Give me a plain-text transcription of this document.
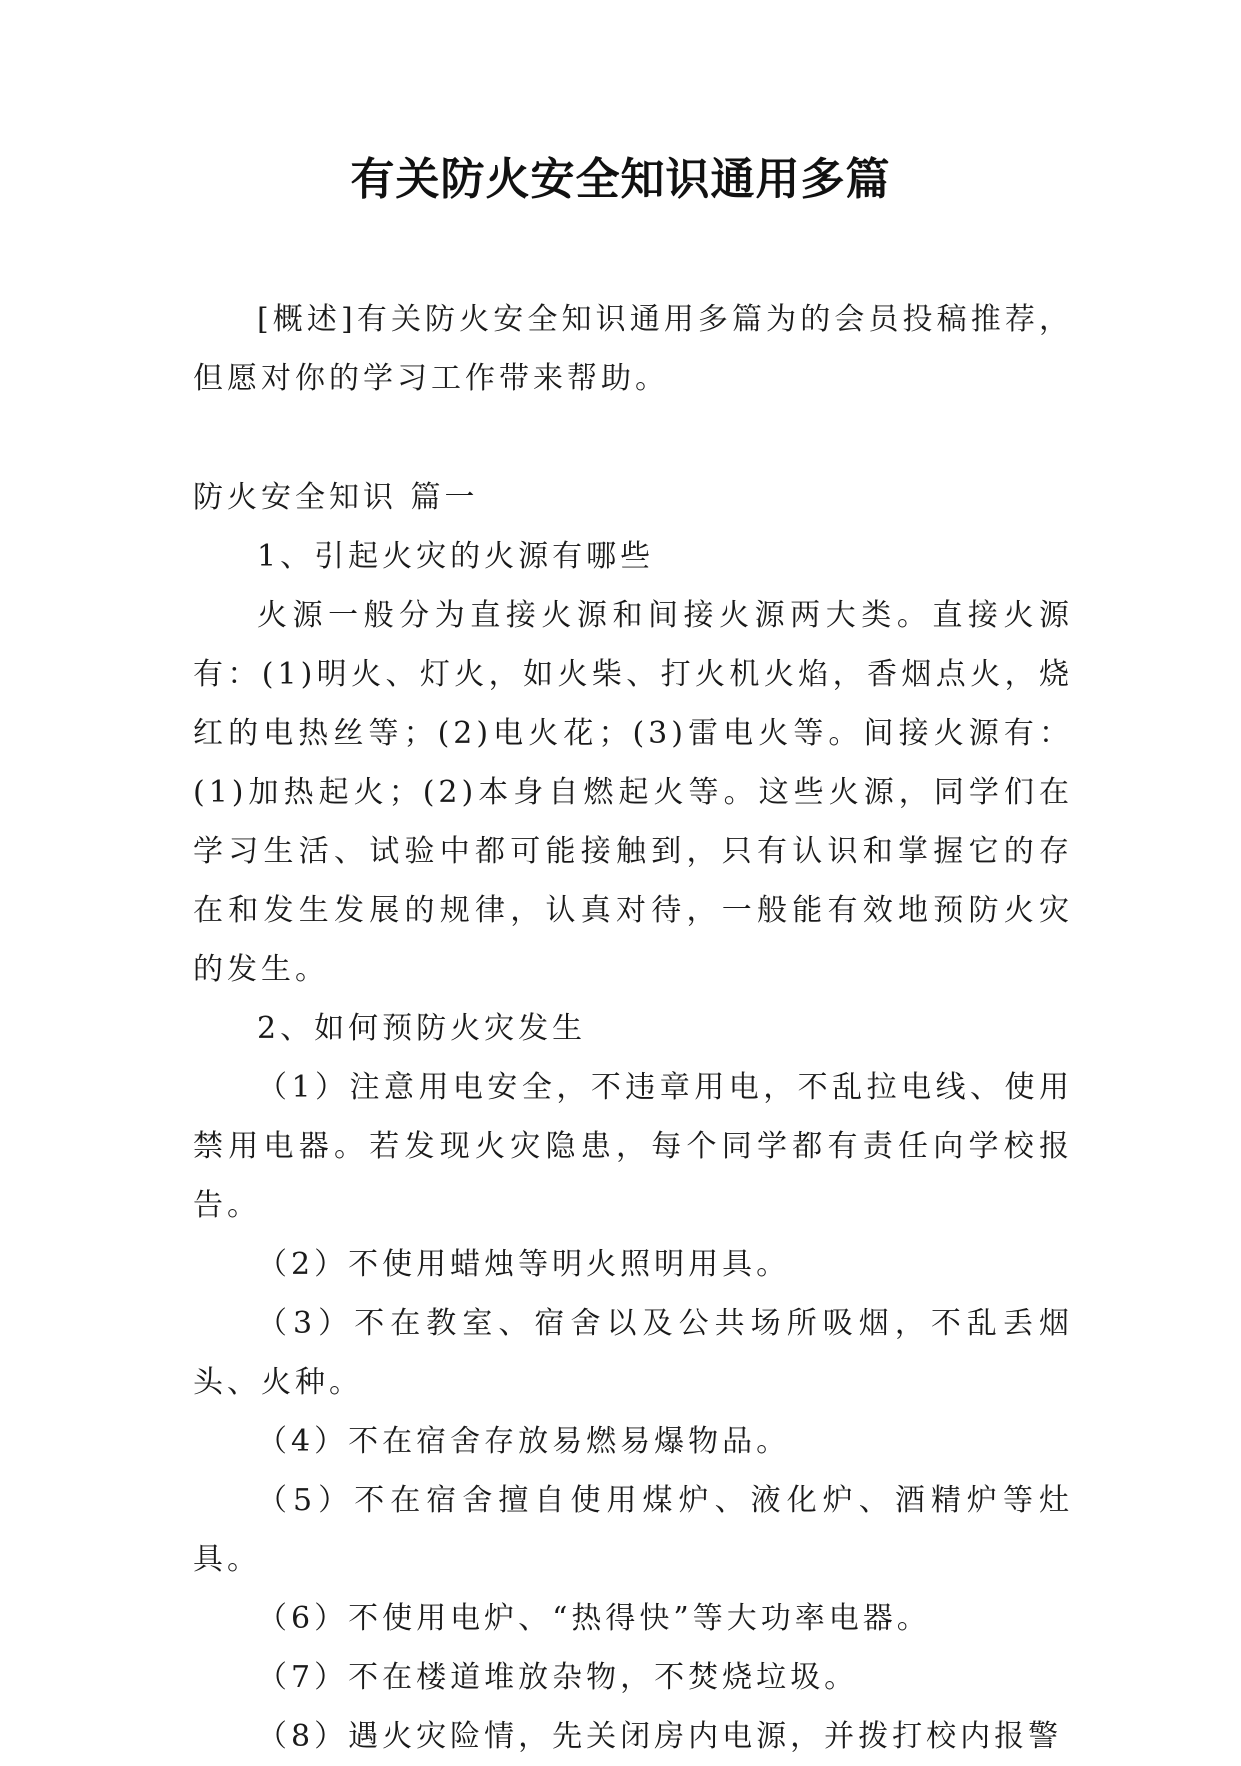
有关防火安全知识通用多篇

[概述]有关防火安全知识通用多篇为的会员投稿推荐，但愿对你的学习工作带来帮助。

防火安全知识 篇一

1、引起火灾的火源有哪些

火源一般分为直接火源和间接火源两大类。直接火源有：(1)明火、灯火，如火柴、打火机火焰，香烟点火，烧红的电热丝等；(2)电火花；(3)雷电火等。间接火源有：(1)加热起火；(2)本身自燃起火等。这些火源，同学们在学习生活、试验中都可能接触到，只有认识和掌握它的存在和发生发展的规律，认真对待，一般能有效地预防火灾的发生。

2、如何预防火灾发生

（1）注意用电安全，不违章用电，不乱拉电线、使用禁用电器。若发现火灾隐患，每个同学都有责任向学校报告。

（2）不使用蜡烛等明火照明用具。

（3）不在教室、宿舍以及公共场所吸烟，不乱丢烟头、火种。

（4）不在宿舍存放易燃易爆物品。

（5）不在宿舍擅自使用煤炉、液化炉、酒精炉等灶具。

（6）不使用电炉、“热得快”等大功率电器。

（7）不在楼道堆放杂物，不焚烧垃圾。

（8）遇火灾险情，先关闭房内电源，并拨打校内报警
